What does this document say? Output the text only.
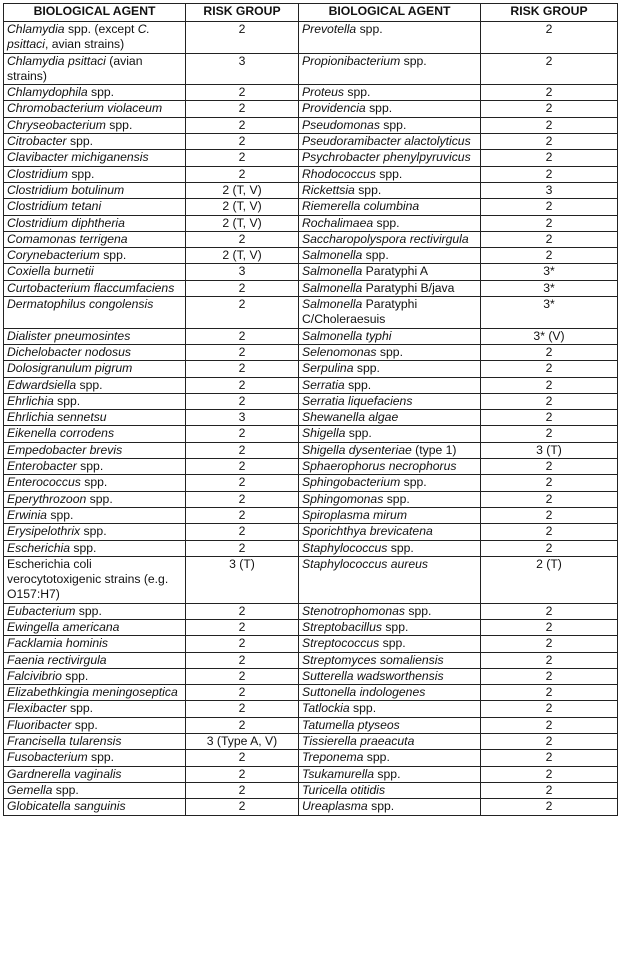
BIOLOGICAL AGENT	RISK GROUP	BIOLOGICAL AGENT	RISK GROUP
Chlamydia spp. (except C. psittaci, avian strains)	2	Prevotella spp.	2
Chlamydia psittaci (avian strains)	3	Propionibacterium spp.	2
Chlamydophila spp.	2	Proteus spp.	2
Chromobacterium violaceum	2	Providencia spp.	2
Chryseobacterium spp.	2	Pseudomonas spp.	2
Citrobacter spp.	2	Pseudoramibacter alactolyticus	2
Clavibacter michiganensis	2	Psychrobacter phenylpyruvicus	2
Clostridium spp.	2	Rhodococcus spp.	2
Clostridium botulinum	2 (T, V)	Rickettsia spp.	3
Clostridium tetani	2 (T, V)	Riemerella columbina	2
Clostridium diphtheria	2 (T, V)	Rochalimaea spp.	2
Comamonas terrigena	2	Saccharopolyspora rectivirgula	2
Corynebacterium spp.	2 (T, V)	Salmonella spp.	2
Coxiella burnetii	3	Salmonella Paratyphi A	3*
Curtobacterium flaccumfaciens	2	Salmonella Paratyphi B/java	3*
Dermatophilus congolensis	2	Salmonella Paratyphi C/Choleraesuis	3*
Dialister pneumosintes	2	Salmonella typhi	3* (V)
Dichelobacter nodosus	2	Selenomonas spp.	2
Dolosigranulum pigrum	2	Serpulina spp.	2
Edwardsiella spp.	2	Serratia spp.	2
Ehrlichia spp.	2	Serratia liquefaciens	2
Ehrlichia sennetsu	3	Shewanella algae	2
Eikenella corrodens	2	Shigella spp.	2
Empedobacter brevis	2	Shigella dysenteriae (type 1)	3 (T)
Enterobacter spp.	2	Sphaerophorus necrophorus	2
Enterococcus spp.	2	Sphingobacterium spp.	2
Eperythrozoon spp.	2	Sphingomonas spp.	2
Erwinia spp.	2	Spiroplasma mirum	2
Erysipelothrix spp.	2	Sporichthya brevicatena	2
Escherichia spp.	2	Staphylococcus spp.	2
Escherichia coli verocytotoxigenic strains (e.g. O157:H7)	3 (T)	Staphylococcus aureus	2 (T)
Eubacterium spp.	2	Stenotrophomonas spp.	2
Ewingella americana	2	Streptobacillus spp.	2
Facklamia hominis	2	Streptococcus spp.	2
Faenia rectivirgula	2	Streptomyces somaliensis	2
Falcivibrio spp.	2	Sutterella wadsworthensis	2
Elizabethkingia meningoseptica	2	Suttonella indologenes	2
Flexibacter spp.	2	Tatlockia spp.	2
Fluoribacter spp.	2	Tatumella ptyseos	2
Francisella tularensis	3 (Type A, V)	Tissierella praeacuta	2
Fusobacterium spp.	2	Treponema spp.	2
Gardnerella vaginalis	2	Tsukamurella spp.	2
Gemella spp.	2	Turicella otitidis	2
Globicatella sanguinis	2	Ureaplasma spp.	2
